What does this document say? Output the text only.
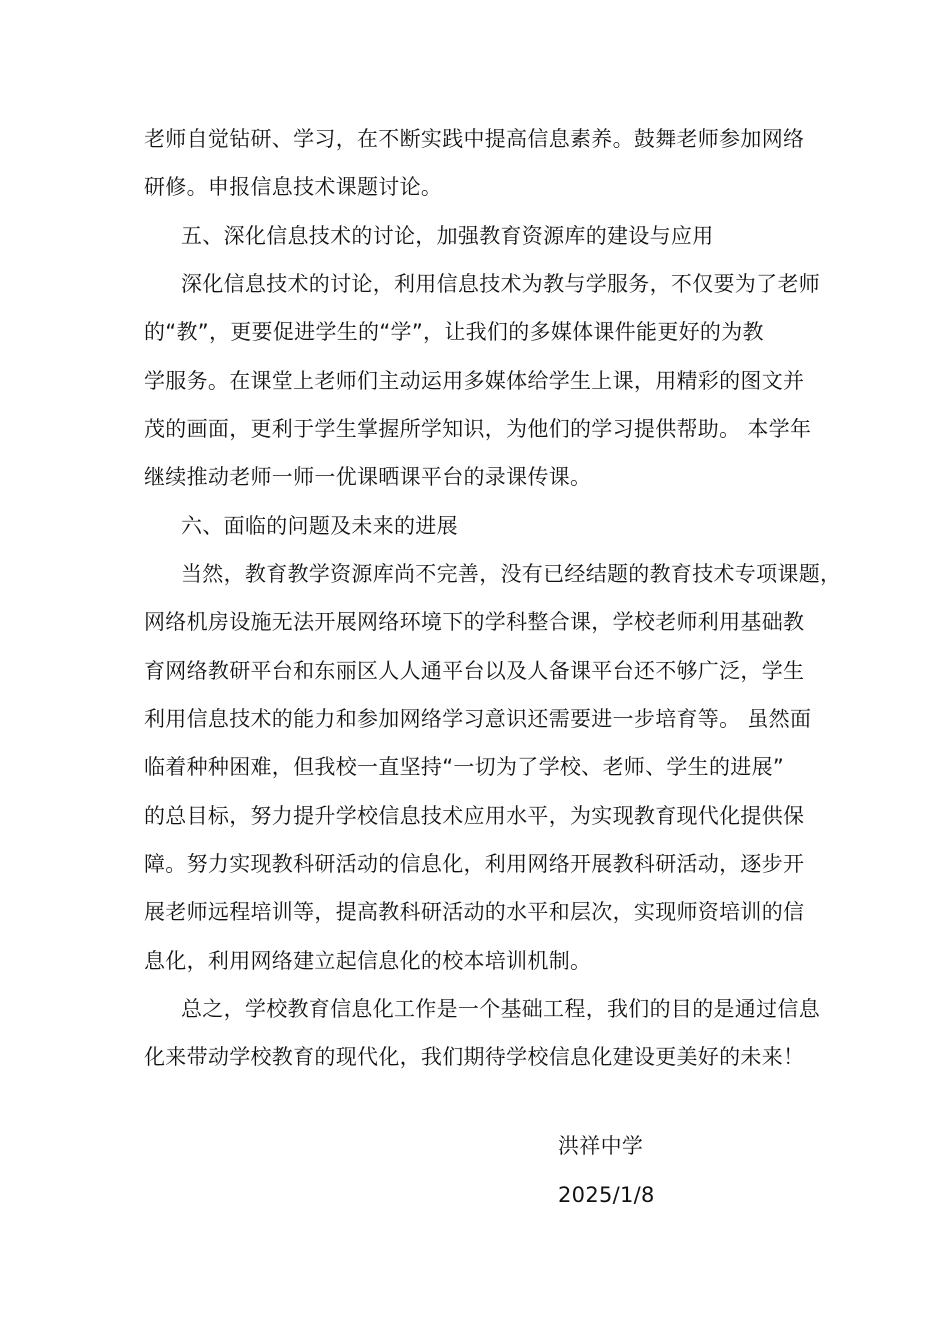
老师自觉钻研、学习，在不断实践中提高信息素养。鼓舞老师参加网络
研修。申报信息技术课题讨论。
五、深化信息技术的讨论，加强教育资源库的建设与应用
深化信息技术的讨论，利用信息技术为教与学服务，不仅要为了老师
的“教”，更要促进学生的“学”，让我们的多媒体课件能更好的为教
学服务。在课堂上老师们主动运用多媒体给学生上课，用精彩的图文并
茂的画面，更利于学生掌握所学知识，为他们的学习提供帮助。 本学年
继续推动老师一师一优课晒课平台的录课传课。
六、面临的问题及未来的进展
当然，教育教学资源库尚不完善，没有已经结题的教育技术专项课题，
网络机房设施无法开展网络环境下的学科整合课，学校老师利用基础教
育网络教研平台和东丽区人人通平台以及人备课平台还不够广泛，学生
利用信息技术的能力和参加网络学习意识还需要进一步培育等。 虽然面
临着种种困难，但我校一直坚持“一切为了学校、老师、学生的进展”
的总目标，努力提升学校信息技术应用水平，为实现教育现代化提供保
障。努力实现教科研活动的信息化，利用网络开展教科研活动，逐步开
展老师远程培训等，提高教科研活动的水平和层次，实现师资培训的信
息化，利用网络建立起信息化的校本培训机制。
总之，学校教育信息化工作是一个基础工程，我们的目的是通过信息
化来带动学校教育的现代化，我们期待学校信息化建设更美好的未来！
洪祥中学
2025/1/8
